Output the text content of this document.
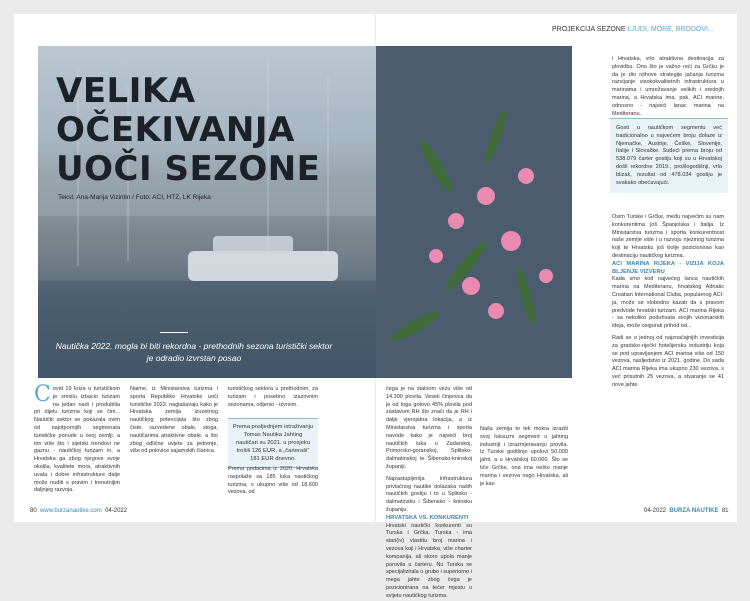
VELIKA
OČEKIVANJA
UOČI SEZONE
Tekst: Ana-Marija Vizintin / Foto: ACI, HTZ, LK Rijeka
Nautička 2022. mogla bi biti rekordna - prethodnih sezona turistički sektor je odradio izvrstan posao

Covid 19 kriza u turističkom je smislu izbacio turizam na jedan nadi i produblila pri dijelu turizma koji se čini... Nautički sektor se pokazala ovim od najotpornijih segmenata turističke ponude u ovoj zemlji, a tim više što i sijetski trendovi ne gaznu - nautičkoj turizam in, a Hrvatska ga zbog njegove svoje okolila, kvalitete mora, atraktivnih uvala i dobre infrastrukture dalje može nuditi s pravim i trenutnijim daljnjeg razvoja.

Naime, iz Ministarstva turizma i sporta Republike Hrvatske uoči turističke 2022. naglašavaju kako je Hrvatska zemlja izuzetnog nautičkog potencijala što zbog čiste, razvedene obale, stoga, nautičarima atraktivne obale, a što zbog odlične uvjete za jedrenje, više od polovice sajamskih članica.

turističkog sektora u prethodnim, za turizam i posebno izazovnim sezonama, odjenio - izvrsim.

Prema posljednjem istraživanju Tomas Nautika Jahting nautičari su 2021. u prosjeku trošili 126 EUR, a „čarteraši“ 181 EUR dnevno.

Prema podacima iz 2020. Hrvatska raspolaže sa 185 luka nautičkog turizma, s ukupno više od 18.600 vezova, od

80 www.burzanautike.com 04-2022
PROJEKCIJA SEZONE LJUDI, MORE, BRODOVI...

čega je na stalnom vezu više od 14.300 plovila. Veseli činjenica da je od toga gotovo 45% plovila pod zastavom RH što znači da je RH i dalje vjerojatna lokacija, a iz Ministarstva turizma i sporta navode kako je najveći broj nautičkih luka u Zadarskoj, Primorsko-goranskoj, Splitsko-dalmatinskoj te Šibensko-kninskoj županiji.

Najzastupljenija infrastruktura privlačnog nautike dolazaka naših nautičkih gostiju i to u Splitsko - dalmatinsku i Šibensko - kninsku županiju.

HRVATSKA VS. KONKURENTI

Hrvatski nautički konkurenti su Turska i Grčka. Turska - ima stari(iv) vlastitu broj marina i vezova koji i Hrvatska, više charter kompanija, ali skoro upola manje porovila u čarteru. Nu Turska se specijalizirala u grubo i superiorno i mega jahte zbog čega je pozicionirana na tećer mjestu u svijetu nautičkog turizma.

Naša zemlja to tek mokra izraziti svoj luksuzni segment u jahting industriji i izrazmjeravanju provila. Iz Turske godišnje upolovi 50.000 jahti, a u Hrvatskoj 60.000. Što se tiče Grčke, ona ima nešto manje marina i vezova nego Hrvatska, ali je kao

i Hrvatska, vrlo atraktivna destinacija za plovidbu. Ono što je važno reći za Grčku je da je dio njihove strategije jačanja turizma razvijanje visokokvalitetnih infrastruktura u marinama i umrežavanje velikih i srednjih marina, a Hrvatska ima, pak, ACI marine, odnosno - najveći lanac marina na Mediteranu.

Gosti u nautičkom segmentu već tradicionalno u najvećem broju dolaze iz Njemačke, Austrije, Češke, Slovenije, Italije i Slovačke. Sudeći prema broju od 538.079 čarter gostiju koji su u Hrvatskoj došli rekordne 2019., prošlogodišnji, vrlo blizak, rezultat od 478.034 gostiju je svakako obećavajući.

Osim Turske i Grčke, među najvećim su nam konkurentima još Španjolska i Italija. Iz Ministarstva turizma i sporta konkurentnost naše zemlje vide i u razvoju njezinog turizma koji te Hrvatsku još bolje pozicionirao kao destinaciju nautičkog turizma.

ACI MARINA RIJEKA - VIZIJA KOJA BLJENJE VIZVERU

Kada smo kod najvećeg lanca nautičkih marina na Mediteranu, hrvatskog Adriatic Croatian International Cluba, popularnog ACI-ja, može se slobodno kazati da s pravom predvode hrvatski turizam. ACI marina Rijeka - sa nekoliko poduhvata svojih vizionarskih ideja, može osigurati prihod od...

Radi se o jednoj od najznačajnijih investicija za gradsko-riječki hotelijersku industriju koja se pod upravljanjem ACI marina više od 150 vezova, nasljedstvo iz 2021. godine. Do sada ACI marina Rijeka ima ukupno 230 vezova, s već prisutnih 25 vezova, a stvaranje se 41 nove jahte.

04-2022 BURZA NAUTIKE 81
